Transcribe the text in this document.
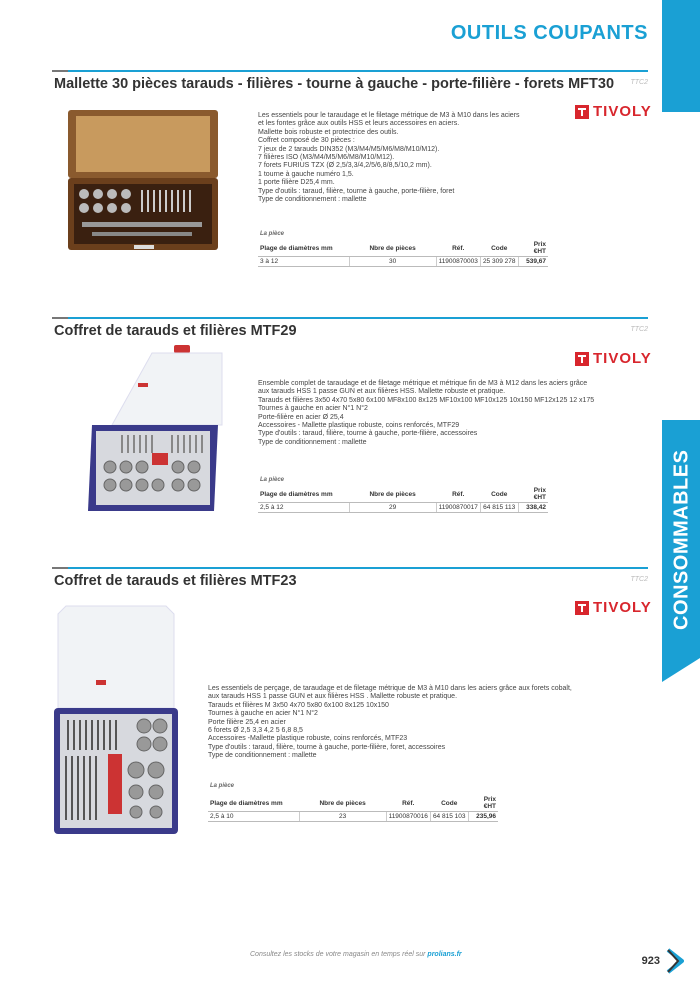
OUTILS COUPANTS
CONSOMMABLES
Mallette 30 pièces tarauds - filières - tourne à gauche - porte-filière - forets MFT30 TTC2
TIVOLY
Les essentiels pour le taraudage et le filetage métrique de M3 à M10 dans les aciers
et les fontes grâce aux outils HSS et leurs accessoires en aciers.
Mallette bois robuste et protectrice des outils.
Coffret composé de 30 pièces :
7 jeux de 2 tarauds DIN352 (M3/M4/M5/M6/M8/M10/M12).
7 filières ISO (M3/M4/M5/M6/M8/M10/M12).
7 forets FURIUS TZX (Ø 2,5/3,3/4,2/5/6,8/8,5/10,2 mm).
1 tourne à gauche numéro 1,5.
1 porte filière D25,4 mm.
Type d'outils : taraud, filière, tourne à gauche, porte-filière, foret
Type de conditionnement : mallette
La pièce
Plage de diamètres mm	Nbre de pièces	Réf.	Code	Prix €HT
3 à 12	30	11900870003	25 309 278	539,67
Coffret de tarauds et filières MTF29	TTC2
TIVOLY
Ensemble complet de taraudage et de filetage métrique et métrique fin de M3 à M12 dans les aciers grâce
aux tarauds HSS 1 passe GUN et aux filières HSS. Mallette robuste et pratique.
Tarauds et filières 3x50 4x70 5x80 6x100 MF8x100 8x125 MF10x100 MF10x125 10x150 MF12x125 12 x175
Tournes à gauche en acier N°1 N°2
Porte-filière en acier Ø 25,4
Accessoires - Mallette plastique robuste, coins renforcés, MTF29
Type d'outils : taraud, filière, tourne à gauche, porte-filière, accessoires
Type de conditionnement : mallette
La pièce
Plage de diamètres mm	Nbre de pièces	Réf.	Code	Prix €HT
2,5 à 12	29	11900870017	64 815 113	338,42
Coffret de tarauds et filières MTF23	TTC2
TIVOLY
Les essentiels de perçage, de taraudage et de filetage métrique de M3 à M10 dans les aciers grâce aux forets cobalt,
aux tarauds HSS 1 passe GUN et aux filières HSS . Mallette robuste et pratique.
Tarauds et filières M 3x50 4x70 5x80 6x100 8x125 10x150
Tournes à gauche en acier N°1 N°2
Porte filière 25,4 en acier
6 forets Ø 2,5 3,3 4,2 5 6,8 8,5
Accessoires -Mallette plastique robuste, coins renforcés, MTF23
Type d'outils : taraud, filière, tourne à gauche, porte-filière, foret, accessoires
Type de conditionnement : mallette
La pièce
Plage de diamètres mm	Nbre de pièces	Réf.	Code	Prix €HT
2,5 à 10	23	11900870016	64 815 103	235,96
Consultez les stocks de votre magasin en temps réel sur prolians.fr
923
